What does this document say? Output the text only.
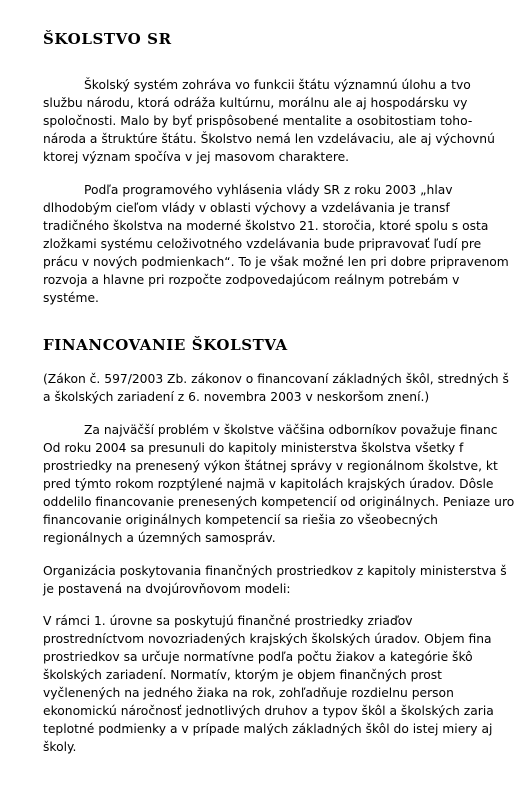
ŠKOLSTVO SR

Školský systém zohráva vo funkcii štátu významnú úlohu a tvo

službu národu, ktorá odráža kultúrnu, morálnu ale aj hospodársku vy

spoločnosti. Malo by byť prispôsobené mentalite a osobitostiam toho-

národa a štruktúre štátu. Školstvo nemá len vzdelávaciu, ale aj výchovnú

ktorej význam spočíva v jej masovom charaktere.

Podľa programového vyhlásenia vlády SR z roku 2003 „hlav

dlhodobým cieľom vlády v oblasti výchovy a vzdelávania je transf

tradičného školstva na moderné školstvo 21. storočia, ktoré spolu s osta

zložkami systému celoživotného vzdelávania bude pripravovať ľudí pre

prácu v nových podmienkach“. To je však možné len pri dobre pripravenom

rozvoja a hlavne pri rozpočte zodpovedajúcom reálnym potrebám v

systéme.

FINANCOVANIE ŠKOLSTVA

(Zákon č. 597/2003 Zb. zákonov o financovaní základných škôl, stredných š

a školských zariadení z 6. novembra 2003 v neskoršom znení.)

Za najväčší problém v školstve väčšina odborníkov považuje financ

Od roku 2004 sa presunuli do kapitoly ministerstva školstva všetky f

prostriedky na prenesený výkon štátnej správy v regionálnom školstve, kt

pred týmto rokom rozptýlené najmä v kapitolách krajských úradov. Dôsle

oddelilo financovanie prenesených kompetencií od originálnych. Peniaze uro

financovanie originálnych kompetencií sa riešia zo všeobecných

regionálnych a územných samospráv.

Organizácia poskytovania finančných prostriedkov z kapitoly ministerstva š

je postavená na dvojúrovňovom modeli:

V rámci 1. úrovne sa poskytujú finančné prostriedky zriaďov

prostredníctvom novozriadených krajských školských úradov. Objem fina

prostriedkov sa určuje normatívne podľa počtu žiakov a kategórie škô

školských zariadení. Normatív, ktorým je objem finančných prost

vyčlenených na jedného žiaka na rok, zohľadňuje rozdielnu person

ekonomickú náročnosť jednotlivých druhov a typov škôl a školských zaria

teplotné podmienky a v prípade malých základných škôl do istej miery aj

školy.
